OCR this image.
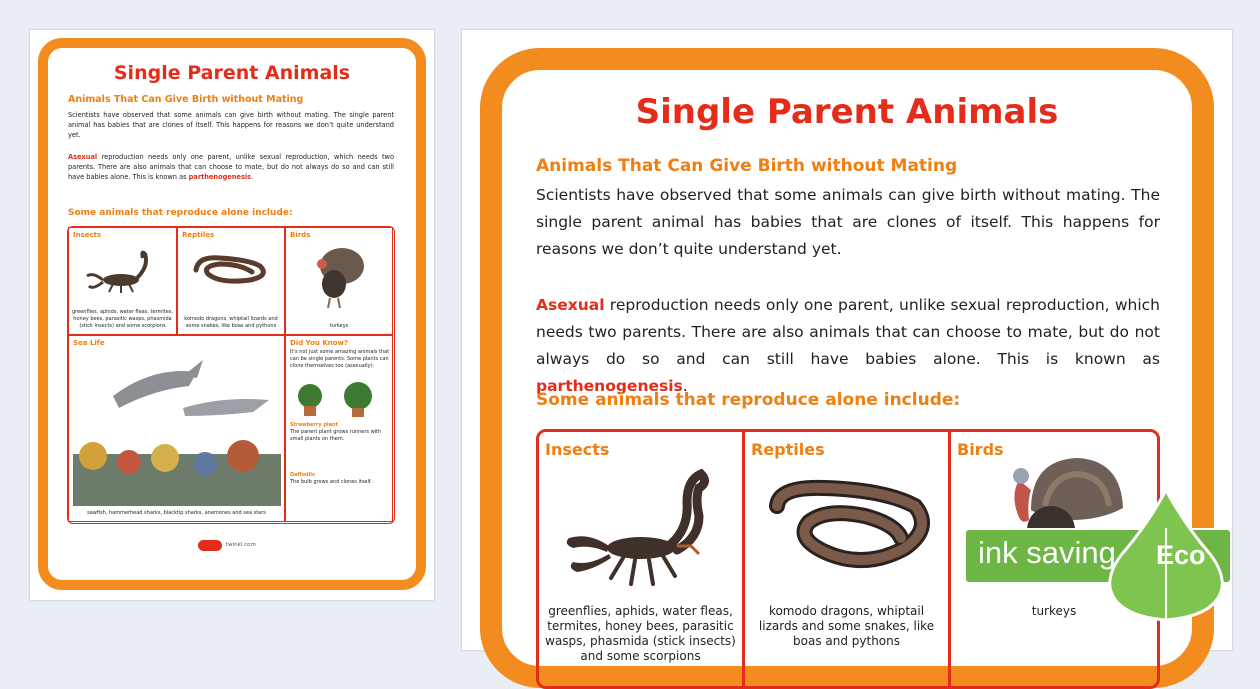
Single Parent Animals
Animals That Can Give Birth without Mating
Scientists have observed that some animals can give birth without mating. The single parent animal has babies that are clones of itself. This happens for reasons we don’t quite understand yet.
Asexual reproduction needs only one parent, unlike sexual reproduction, which needs two parents. There are also animals that can choose to mate, but do not always do so and can still have babies alone. This is known as parthenogenesis.
Some animals that reproduce alone include:
Insects
greenflies, aphids, water fleas, termites, honey bees, parasitic wasps, phasmida (stick insects) and some scorpions
Reptiles
komodo dragons, whiptail lizards and some snakes, like boas and pythons
Birds
turkeys
Sea Life
sawfish, hammerhead sharks, blacktip sharks, anemones and sea stars
Did You Know?
It’s not just some amazing animals that can be single parents. Some plants can clone themselves too (asexually):
Strawberry plant
The parent plant grows runners with small plants on them.
Daffodils
The bulb grows and clones itself.
twinkl.com
Single Parent Animals
Animals That Can Give Birth without Mating
Scientists have observed that some animals can give birth without mating. The single parent animal has babies that are clones of itself. This happens for reasons we don’t quite understand yet.
Asexual reproduction needs only one parent, unlike sexual reproduction, which needs two parents. There are also animals that can choose to mate, but do not always do so and can still have babies alone. This is known as parthenogenesis.
Some animals that reproduce alone include:
Insects
greenflies, aphids, water fleas, termites, honey bees, parasitic wasps, phasmida (stick insects) and some scorpions
Reptiles
komodo dragons, whiptail lizards and some snakes, like boas and pythons
Birds
turkeys
ink saving Eco
